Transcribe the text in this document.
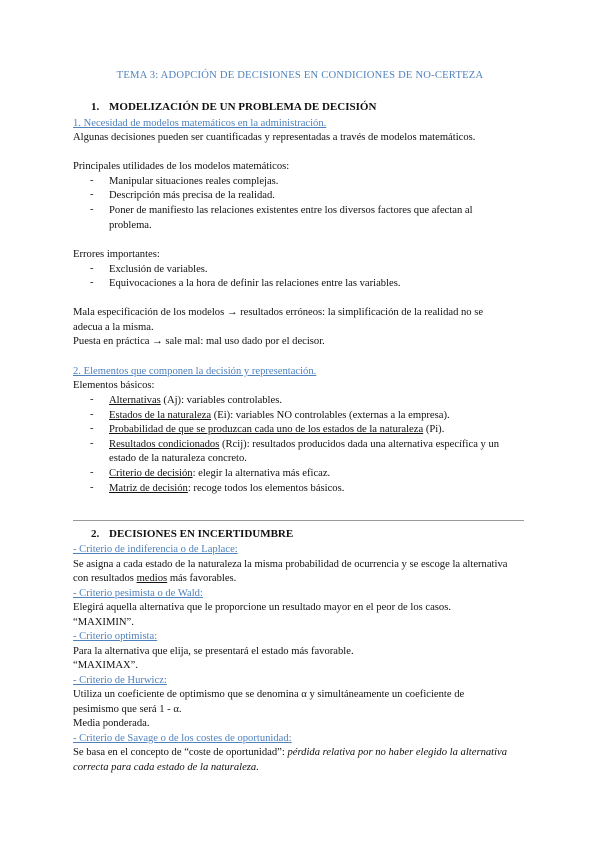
TEMA 3: ADOPCIÓN DE DECISIONES EN CONDICIONES DE NO-CERTEZA
1. MODELIZACIÓN DE UN PROBLEMA DE DECISIÓN
1. Necesidad de modelos matemáticos en la administración.
Algunas decisiones pueden ser cuantificadas y representadas a través de modelos matemáticos.
Principales utilidades de los modelos matemáticos:
- Manipular situaciones reales complejas.
- Descripción más precisa de la realidad.
- Poner de manifiesto las relaciones existentes entre los diversos factores que afectan al
problema.
Errores importantes:
- Exclusión de variables.
- Equivocaciones a la hora de definir las relaciones entre las variables.
Mala especificación de los modelos → resultados erróneos: la simplificación de la realidad no se
adecua a la misma.
Puesta en práctica → sale mal: mal uso dado por el decisor.
2. Elementos que componen la decisión y representación.
Elementos básicos:
- Alternativas (Aj): variables controlables.
- Estados de la naturaleza (Ei): variables NO controlables (externas a la empresa).
- Probabilidad de que se produzcan cada uno de los estados de la naturaleza (Pi).
- Resultados condicionados (Rcij): resultados producidos dada una alternativa específica y un
estado de la naturaleza concreto.
- Criterio de decisión: elegir la alternativa más eficaz.
- Matriz de decisión: recoge todos los elementos básicos.
2. DECISIONES EN INCERTIDUMBRE
- Criterio de indiferencia o de Laplace:
Se asigna a cada estado de la naturaleza la misma probabilidad de ocurrencia y se escoge la alternativa
con resultados medios más favorables.
- Criterio pesimista o de Wald:
Elegirá aquella alternativa que le proporcione un resultado mayor en el peor de los casos.
“MAXIMIN”.
- Criterio optimista:
Para la alternativa que elija, se presentará el estado más favorable.
“MAXIMAX”.
- Criterio de Hurwicz:
Utiliza un coeficiente de optimismo que se denomina α y simultáneamente un coeficiente de
pesimismo que será 1 - α.
Media ponderada.
- Criterio de Savage o de los costes de oportunidad:
Se basa en el concepto de “coste de oportunidad”: pérdida relativa por no haber elegido la alternativa
correcta para cada estado de la naturaleza.
